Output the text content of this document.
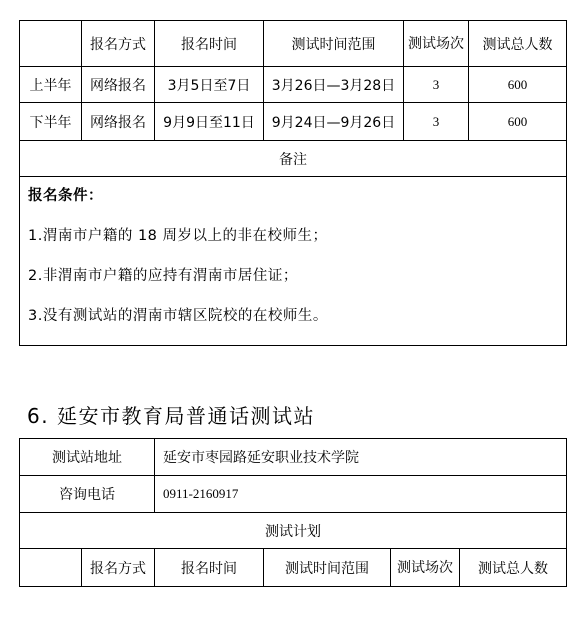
	报名方式	报名时间	测试时间范围	测试场次	测试总人数
上半年	网络报名	3月5日至7日	3月26日—3月28日	3	600
下半年	网络报名	9月9日至11日	9月24日—9月26日	3	600
备注					

报名条件：

1.渭南市户籍的 18 周岁以上的非在校师生；

2.非渭南市户籍的应持有渭南市居住证；

3.没有测试站的渭南市辖区院校的在校师生。					

6. 延安市教育局普通话测试站
测试站地址		延安市枣园路延安职业技术学院			
咨询电话		0911-2160917			
测试计划					
	报名方式	报名时间	测试时间范围	测试场次	测试总人数
